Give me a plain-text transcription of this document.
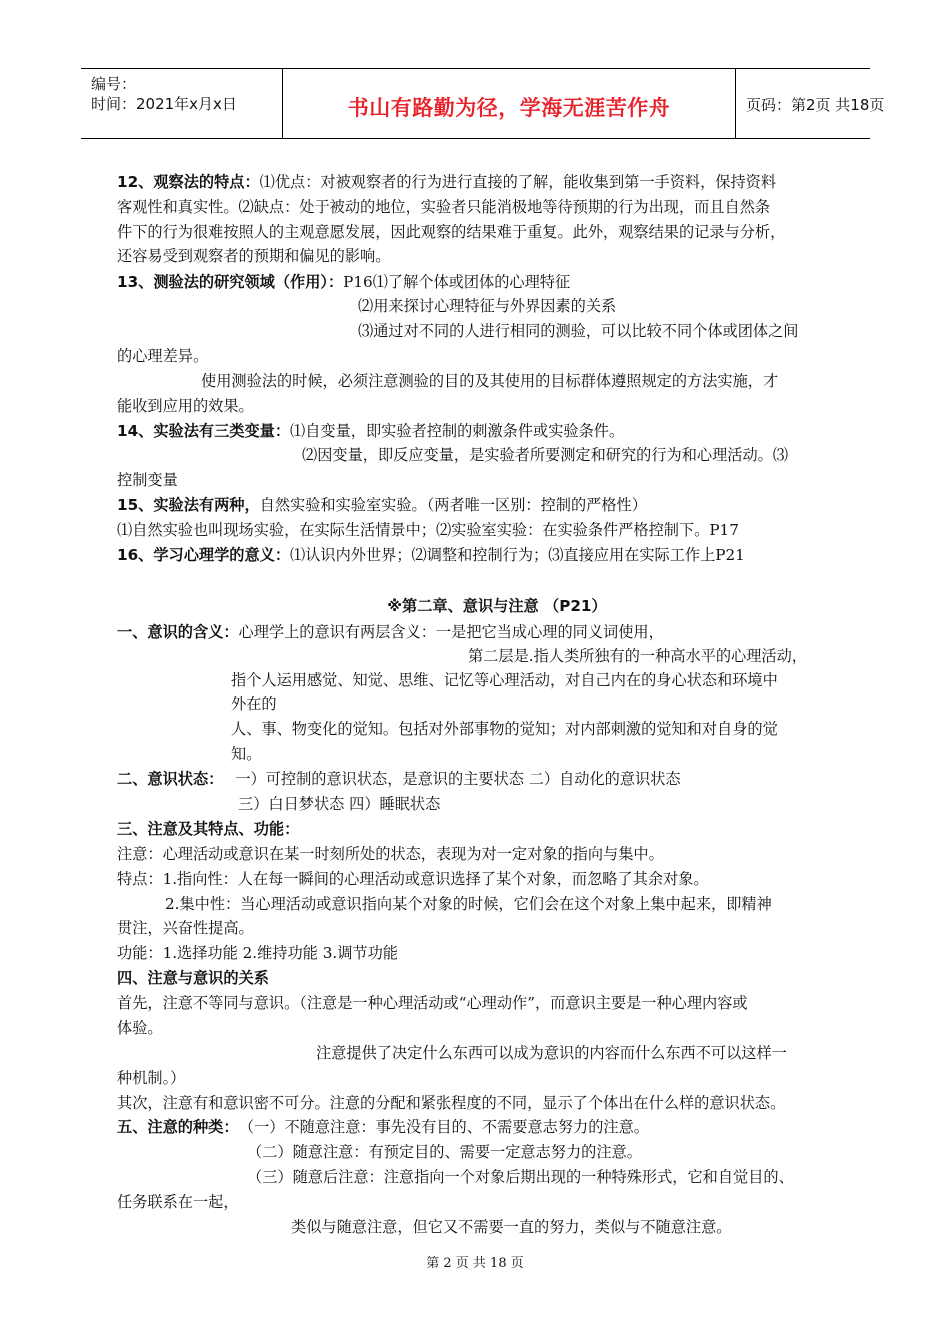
编号：
时间：2021年x月x日	书山有路勤为径，学海无涯苦作舟	页码：第2页 共18页
12、观察法的特点：⑴优点：对被观察者的行为进行直接的了解，能收集到第一手资料，保持资料
客观性和真实性。⑵缺点：处于被动的地位，实验者只能消极地等待预期的行为出现，而且自然条
件下的行为很难按照人的主观意愿发展，因此观察的结果难于重复。此外，观察结果的记录与分析，
还容易受到观察者的预期和偏见的影响。
13、测验法的研究领域（作用）：P16⑴了解个体或团体的心理特征
⑵用来探讨心理特征与外界因素的关系
⑶通过对不同的人进行相同的测验，可以比较不同个体或团体之间
的心理差异。
使用测验法的时候，必须注意测验的目的及其使用的目标群体遵照规定的方法实施，才
能收到应用的效果。
14、实验法有三类变量：⑴自变量，即实验者控制的刺激条件或实验条件。
⑵因变量，即反应变量，是实验者所要测定和研究的行为和心理活动。⑶
控制变量
15、实验法有两种，自然实验和实验室实验。（两者唯一区别：控制的严格性）
⑴自然实验也叫现场实验，在实际生活情景中；⑵实验室实验：在实验条件严格控制下。P17
16、学习心理学的意义：⑴认识内外世界；⑵调整和控制行为；⑶直接应用在实际工作上P21
※第二章、意识与注意 （P21）
一、意识的含义：心理学上的意识有两层含义：一是把它当成心理的同义词使用，
第二层是.指人类所独有的一种高水平的心理活动，
指个人运用感觉、知觉、思维、记忆等心理活动，对自己内在的身心状态和环境中
外在的
人、事、物变化的觉知。包括对外部事物的觉知；对内部刺激的觉知和对自身的觉
知。
二、意识状态： 一）可控制的意识状态，是意识的主要状态 二）自动化的意识状态
三）白日梦状态 四）睡眠状态
三、注意及其特点、功能：
注意：心理活动或意识在某一时刻所处的状态，表现为对一定对象的指向与集中。
特点：1.指向性：人在每一瞬间的心理活动或意识选择了某个对象，而忽略了其余对象。
2.集中性：当心理活动或意识指向某个对象的时候，它们会在这个对象上集中起来，即精神
贯注，兴奋性提高。
功能：1.选择功能 2.维持功能 3.调节功能
四、注意与意识的关系
首先，注意不等同与意识。（注意是一种心理活动或“心理动作”，而意识主要是一种心理内容或
体验。
注意提供了决定什么东西可以成为意识的内容而什么东西不可以这样一
种机制。）
其次，注意有和意识密不可分。注意的分配和紧张程度的不同，显示了个体出在什么样的意识状态。
五、注意的种类： （一）不随意注意：事先没有目的、不需要意志努力的注意。
（二）随意注意：有预定目的、需要一定意志努力的注意。
（三）随意后注意：注意指向一个对象后期出现的一种特殊形式，它和自觉目的、
任务联系在一起，
类似与随意注意，但它又不需要一直的努力，类似与不随意注意。
第 2 页 共 18 页
